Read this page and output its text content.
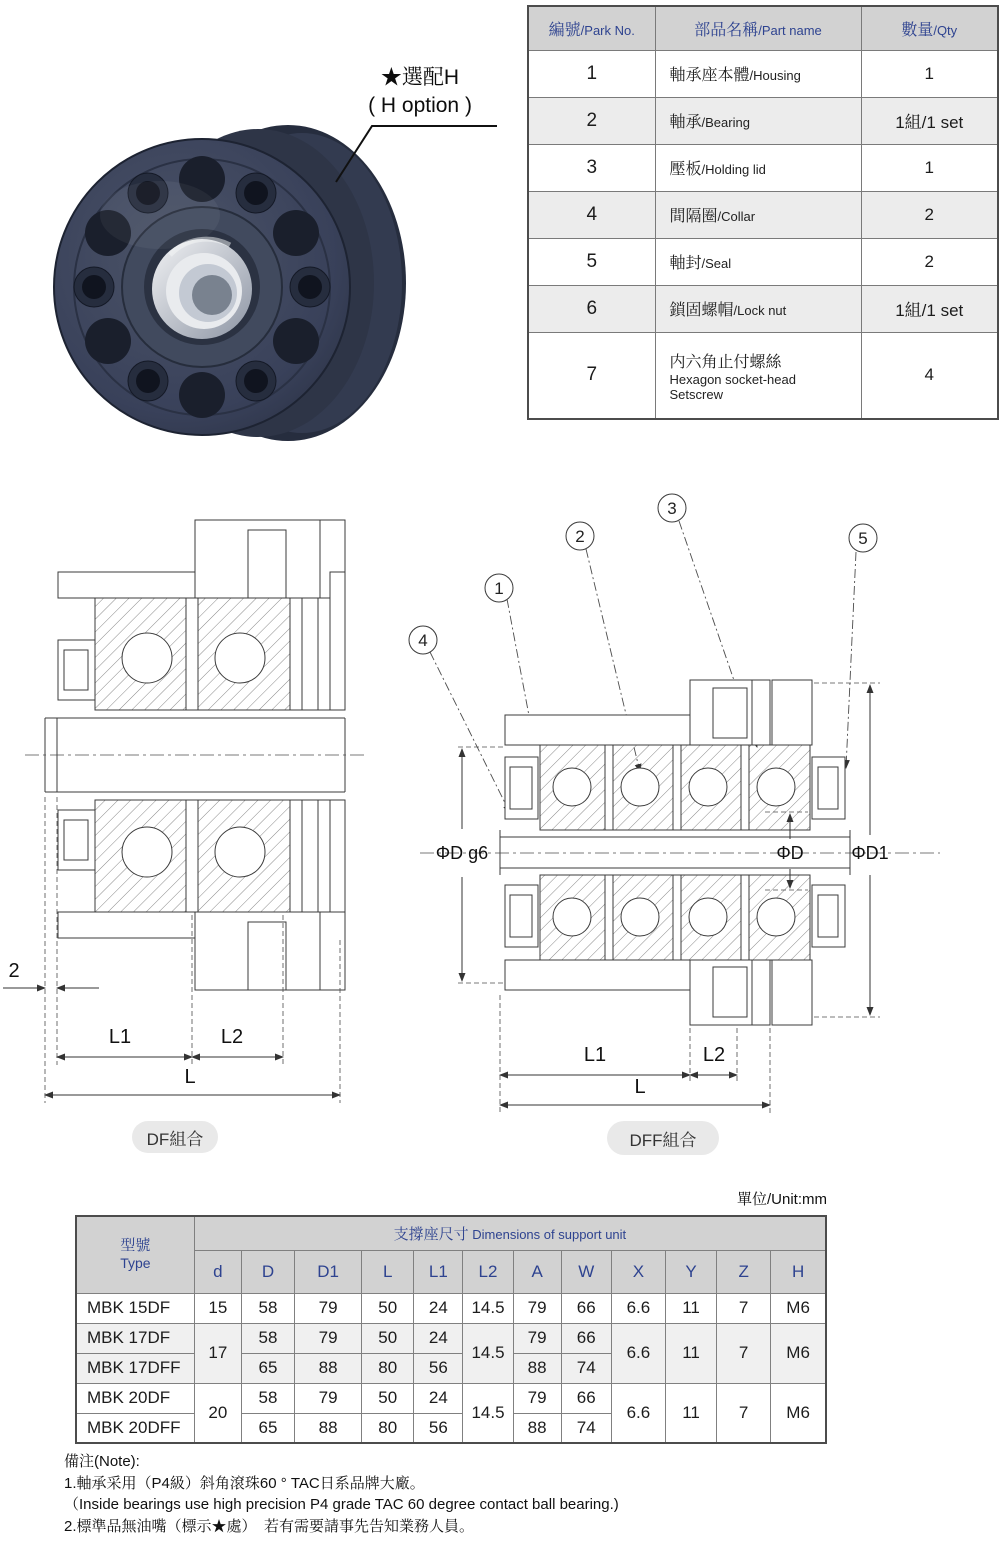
★選配H
( H option )
編號/Park No.	部品名稱/Part name	數量/Qty
1	軸承座本體/Housing	1
2	軸承/Bearing	1組/1 set
3	壓板/Holding lid	1
4	間隔圈/Collar	2
5	軸封/Seal	2
6	鎖固螺帽/Lock nut	1組/1 set
7	内六角止付螺絲
Hexagon socket-head
Setscrew	4
2
L1	L2
L
DF組合
1
2
3
4
5
ΦD g6	ΦD	ΦD1
L1	L2
L
DFF組合
單位/Unit:mm
型號
Type	支撐座尺寸 Dimensions of support unit											
	d	D	D1	L	L1	L2	A	W	X	Y	Z	H
MBK 15DF	15	58	79	50	24	14.5	79	66	6.6	11	7	M6
MBK 17DF	17	58	79	50	24	14.5	79	66	6.6	11	7	M6
MBK 17DFF		65	88	80	56		88	74				
MBK 20DF	20	58	79	50	24	14.5	79	66	6.6	11	7	M6
MBK 20DFF		65	88	80	56		88	74				
備注(Note):
1.軸承采用（P4級）斜角滾珠60 ° TAC日系品牌大廠。
（Inside bearings use high precision P4 grade TAC 60 degree contact ball bearing.)
2.標準品無油嘴（標示★處）　若有需要請事先告知業務人員。
